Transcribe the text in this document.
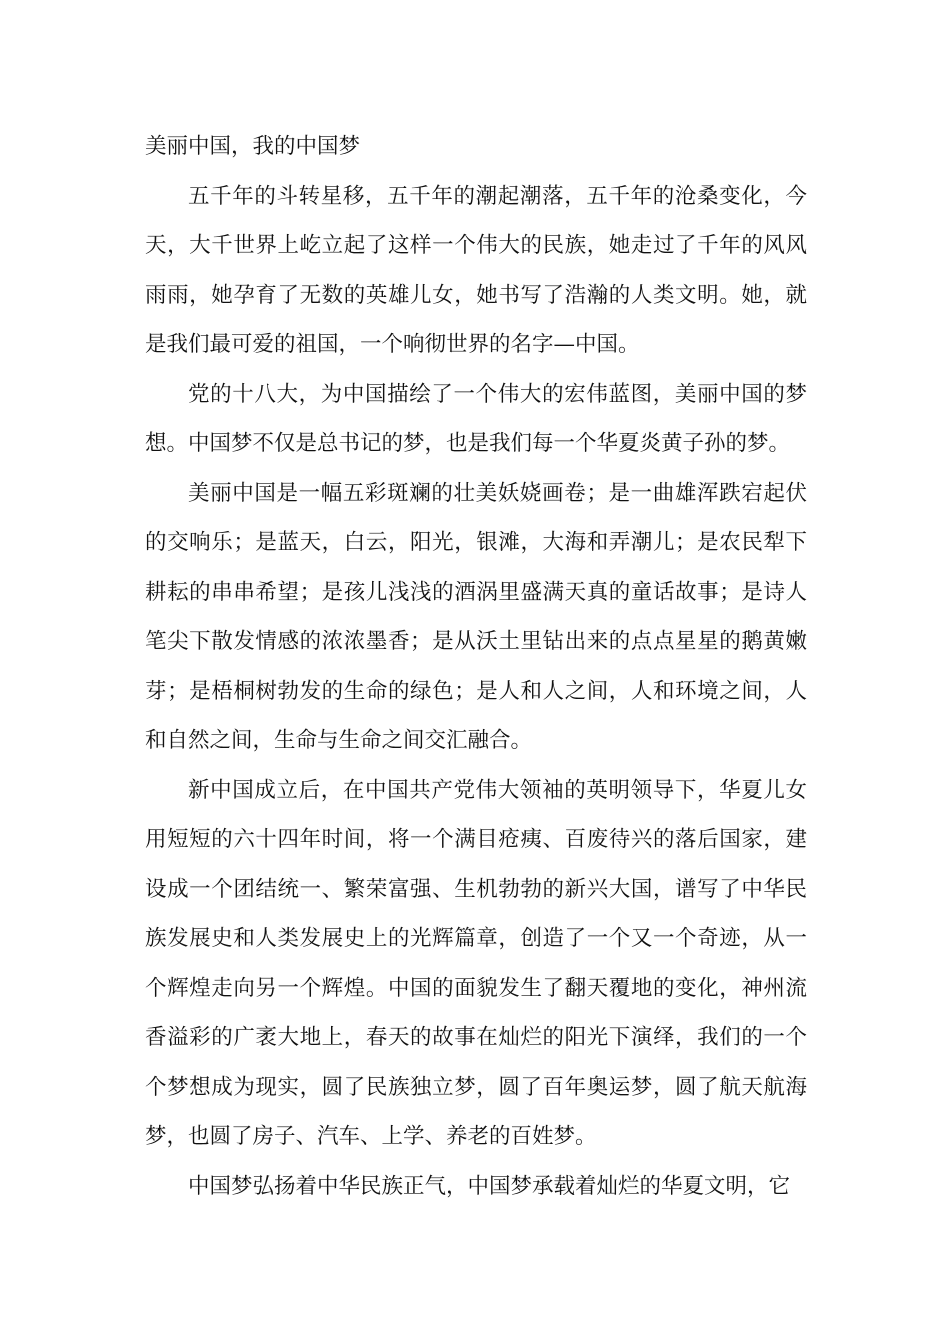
美丽中国，我的中国梦

五千年的斗转星移，五千年的潮起潮落，五千年的沧桑变化，今天，大千世界上屹立起了这样一个伟大的民族，她走过了千年的风风雨雨，她孕育了无数的英雄儿女，她书写了浩瀚的人类文明。她，就是我们最可爱的祖国，一个响彻世界的名字—中国。

党的十八大，为中国描绘了一个伟大的宏伟蓝图，美丽中国的梦想。中国梦不仅是总书记的梦，也是我们每一个华夏炎黄子孙的梦。

美丽中国是一幅五彩斑斓的壮美妖娆画卷；是一曲雄浑跌宕起伏的交响乐；是蓝天，白云，阳光，银滩，大海和弄潮儿；是农民犁下耕耘的串串希望；是孩儿浅浅的酒涡里盛满天真的童话故事；是诗人笔尖下散发情感的浓浓墨香；是从沃土里钻出来的点点星星的鹅黄嫩芽；是梧桐树勃发的生命的绿色；是人和人之间，人和环境之间，人和自然之间，生命与生命之间交汇融合。

新中国成立后，在中国共产党伟大领袖的英明领导下，华夏儿女用短短的六十四年时间，将一个满目疮痍、百废待兴的落后国家，建设成一个团结统一、繁荣富强、生机勃勃的新兴大国，谱写了中华民族发展史和人类发展史上的光辉篇章，创造了一个又一个奇迹，从一个辉煌走向另一个辉煌。中国的面貌发生了翻天覆地的变化，神州流香溢彩的广袤大地上，春天的故事在灿烂的阳光下演绎，我们的一个个梦想成为现实，圆了民族独立梦，圆了百年奥运梦，圆了航天航海梦，也圆了房子、汽车、上学、养老的百姓梦。

中国梦弘扬着中华民族正气，中国梦承载着灿烂的华夏文明，它
